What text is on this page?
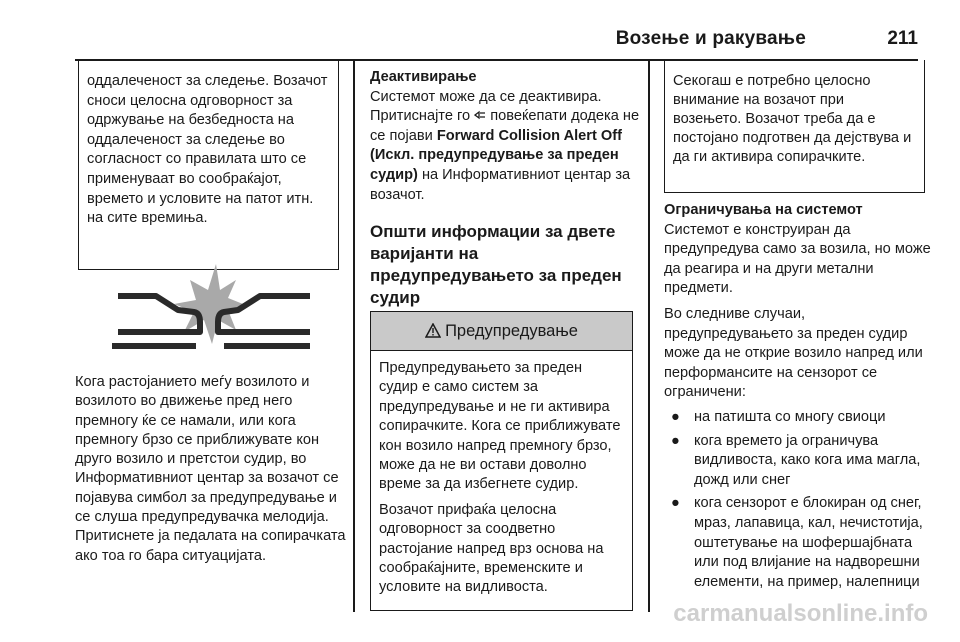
Возење и ракување	211

оддалеченост за следење. Возачот сноси целосна одговорност за одржување на безбедноста на оддалеченост за следење во согласност со правилата што се применуваат во сообраќајот, времето и условите на патот итн. на сите времиња.

Кога растојанието меѓу возилото и возилото во движење пред него премногу ќе се намали, или кога премногу брзо се приближувате кон друго возило и претстои судир, во Информативниот центар за возачот се појавува симбол за предупредување и се слуша предупредувачка мелодија. Притиснете ја педалата на сопирачката ако тоа го бара ситуацијата.

Деактивирање

Системот може да се деактивира. Притиснајте го повеќепати додека не се појави Forward Collision Alert Off (Искл. предупредување за преден судир) на Информативниот центар за возачот.

Општи информации за двете варијанти на предупредувањето за преден судир
Предупредување

Предупредувањето за преден судир е само систем за предупредување и не ги активира сопирачките. Кога се приближувате кон возило напред премногу брзо, може да не ви остави доволно време за да избегнете судир.

Возачот прифаќа целосна одговорност за соодветно растојание напред врз основа на сообраќајните, временските и условите на видливоста.

Секогаш е потребно целосно внимание на возачот при возењето. Возачот треба да е постојано подготвен да дејствува и да ги активира сопирачките.

Ограничувања на системот

Системот е конструиран да предупредува само за возила, но може да реагира и на други метални предмети.

Во следниве случаи, предупредувањето за преден судир може да не открие возило напред или перформансите на сензорот се ограничени:

● на патишта со многу свиоци
● кога времето ја ограничува видливоста, како кога има магла, дожд или снег
● кога сензорот е блокиран од снег, мраз, лапавица, кал, нечистотија, оштетување на шофершајбната или под влијание на надворешни елементи, на пример, налепници
carmanualsonline.info
